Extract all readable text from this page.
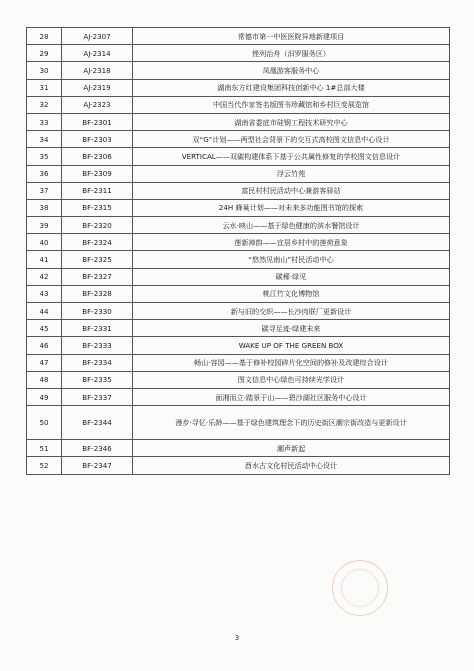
28	AJ-2307	常德市第一中医医院异地新建项目
29	AJ-2314	锉列治舟（汨罗服务区）
30	AJ-2318	凤凰游客服务中心
31	AJ-2319	湖南东方红建设集团科技创新中心 1#总部大楼
32	AJ-2323	中国当代作家签名版图书珍藏馆和乡村巨变展览馆
33	BF-2301	湖南省娄底市硅钢工程技术研究中心
34	BF-2303	双“G”计划——两型社会背景下的交互式高校图文信息中心设计
35	BF-2306	VERTICAL——双碳构建体系下基于公共属性修复的学校图文信息设计
36	BF-2309	浮云竹苑
37	BF-2311	富民村村民活动中心兼游客驿站
38	BF-2315	24H 蜂巢计划——对未来多功能图书馆的探索
39	BF-2320	云水·映山——基于绿色健康的滨水餐馆设计
40	BF-2324	莲新禅韵——宜居乡村中的莲荷意象
41	BF-2325	“悠然见南山”村民活动中心
42	BF-2327	碳稀·绿见
43	BF-2328	桃江竹文化博物馆
44	BF-2330	新与旧的交织——长沙肉联厂更新设计
45	BF-2331	碳寻足迹·绿建未来
46	BF-2333	WAKE UP OF THE GREEN BOX
47	BF-2334	畅山·容园——基于修补校园碎片化空间的修补及改建综合设计
48	BF-2335	图文信息中心绿色可持续光学设计
49	BF-2337	面湘而立·踏景于山——碧沙湖社区服务中心设计
50	BF-2344	漫步·寻忆·乐龄——基于绿色建筑理念下的历史街区潮宗街改造与更新设计
51	BF-2346	潮声新起
52	BF-2347	酉水古文化村民活动中心设计
3
